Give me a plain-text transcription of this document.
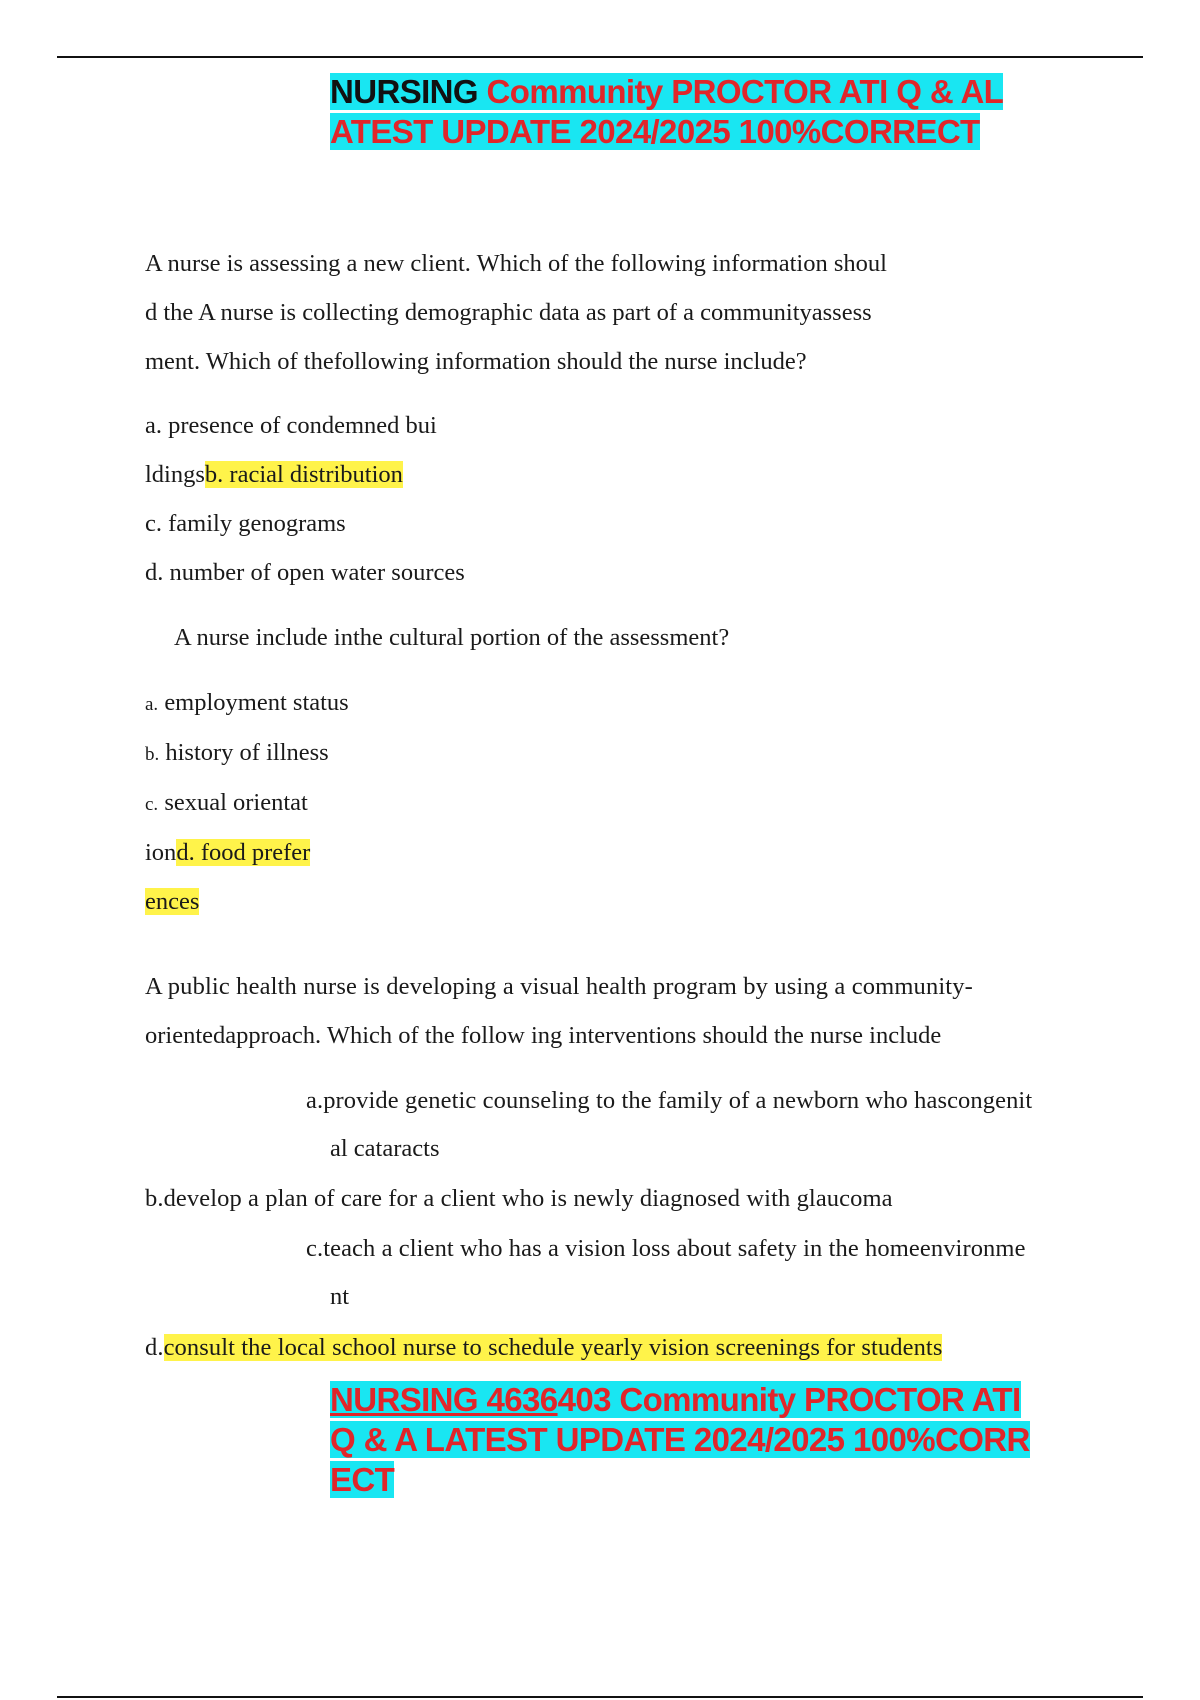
NURSING Community PROCTOR ATI Q & AL
ATEST UPDATE 2024/2025 100%CORRECT
A nurse is assessing a new client. Which of the following information shoul
d the A nurse is collecting demographic data as part of a communityassess
ment. Which of thefollowing information should the nurse include?
a. presence of condemned bui
ldingsb. racial distribution
c. family genograms
d. number of open water sources
A nurse include inthe cultural portion of the assessment?
a. employment status
b. history of illness
c. sexual orientat
iond. food prefer
ences
A public health nurse is developing a visual health program by using a community-
orientedapproach. Which of the follow ing interventions should the nurse include
a.provide genetic counseling to the family of a newborn who hascongenit
al cataracts
b.develop a plan of care for a client who is newly diagnosed with glaucoma
c.teach a client who has a vision loss about safety in the homeenvironme
nt
d.consult the local school nurse to schedule yearly vision screenings for students
NURSING 4636403 Community PROCTOR ATI
Q & A LATEST UPDATE 2024/2025 100%CORR
ECT
